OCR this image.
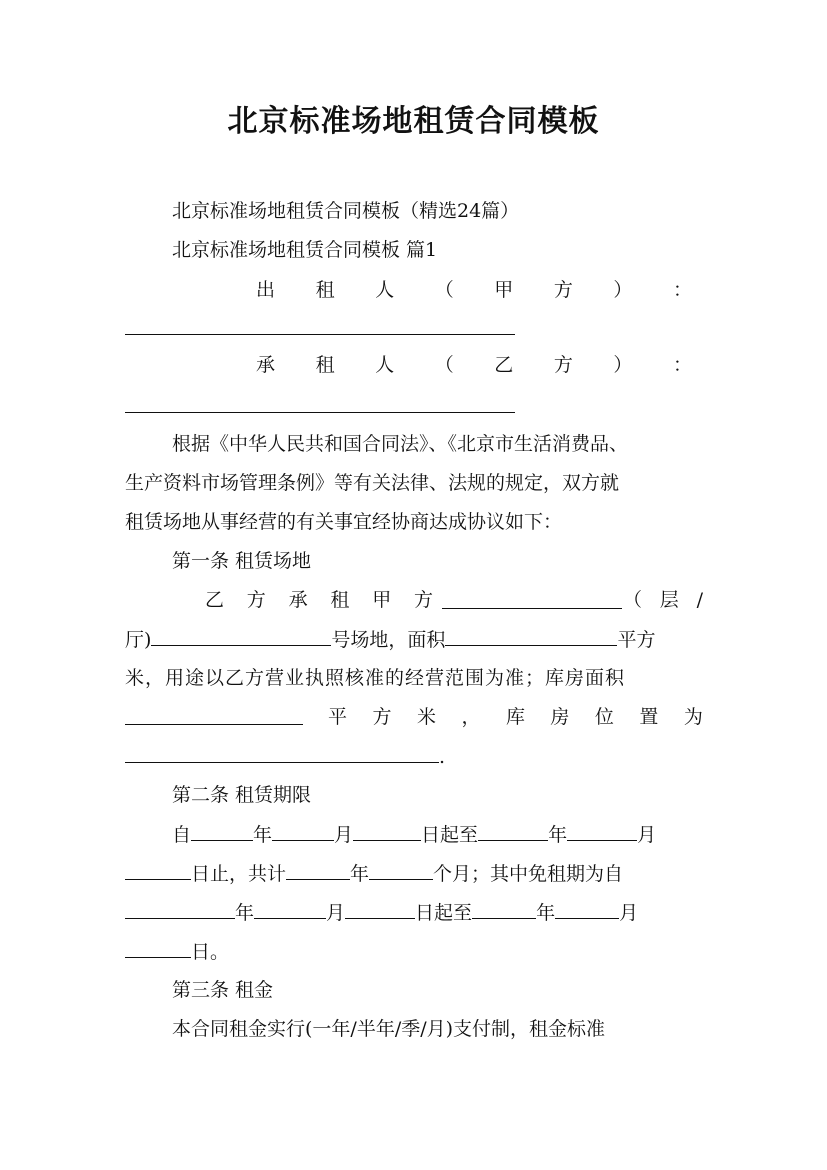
北京标准场地租赁合同模板
北京标准场地租赁合同模板（精选24篇）
北京标准场地租赁合同模板 篇1
出 租 人 （ 甲 方 ） ：
承 租 人 （ 乙 方 ） ：
根据《中华人民共和国合同法》、《北京市生活消费品、
生产资料市场管理条例》等有关法律、法规的规定，双方就
租赁场地从事经营的有关事宜经协商达成协议如下：
第一条 租赁场地
乙 方 承 租 甲 方	（ 层 /
厅)	号场地，面积	平方
米，用途以乙方营业执照核准的经营范围为准；库房面积
平 方 米 ， 库 房 位 置 为
.
第二条 租赁期限
自	年	月	日起至	年	月
日止，共计	年	个月；其中免租期为自
年	月	日起至	年	月
日。
第三条 租金
本合同租金实行(一年/半年/季/月)支付制，租金标准
